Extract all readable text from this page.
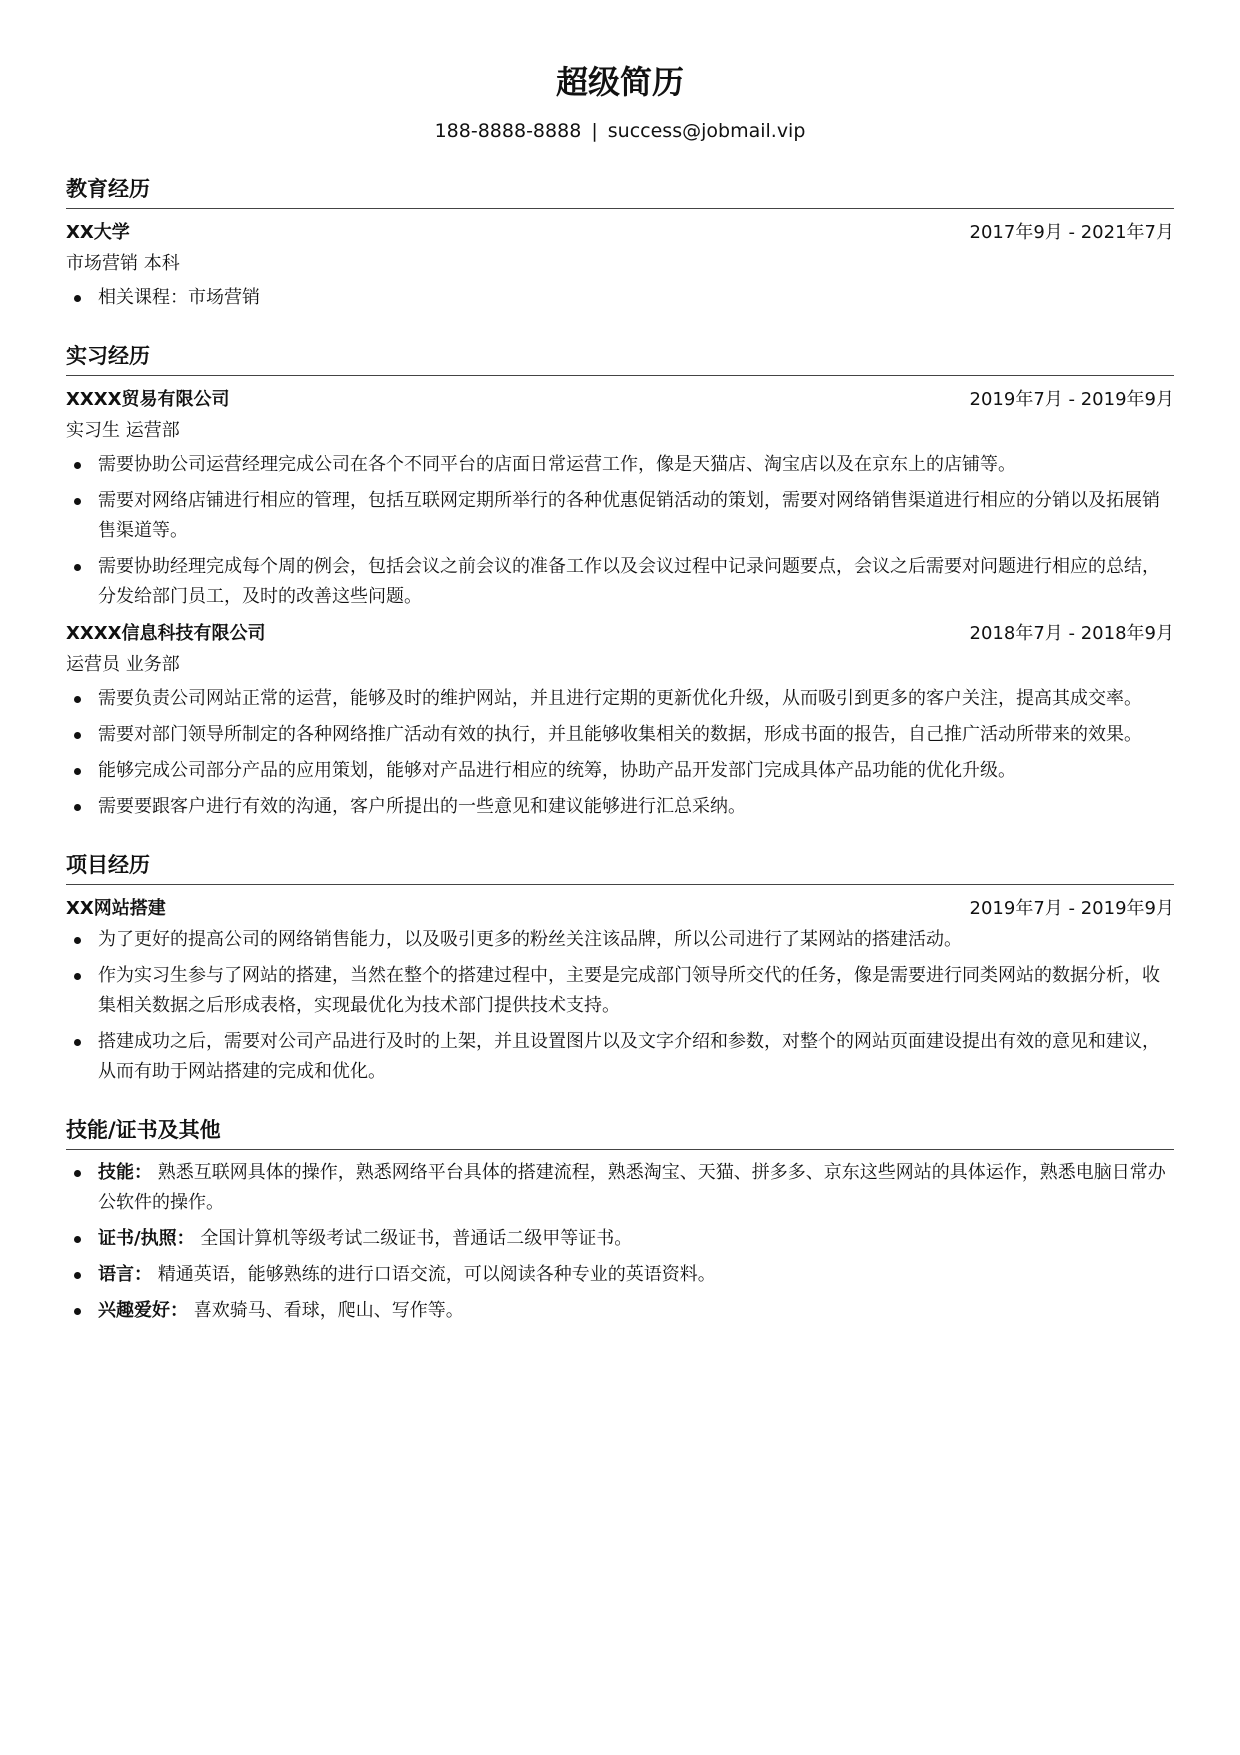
超级简历
188-8888-8888 | success@jobmail.vip
教育经历
XX大学	2017年9月 - 2021年7月
市场营销 本科
相关课程：市场营销
实习经历
XXXX贸易有限公司	2019年7月 - 2019年9月
实习生 运营部
需要协助公司运营经理完成公司在各个不同平台的店面日常运营工作，像是天猫店、淘宝店以及在京东上的店铺等。
需要对网络店铺进行相应的管理，包括互联网定期所举行的各种优惠促销活动的策划，需要对网络销售渠道进行相应的分销以及拓展销售渠道等。
需要协助经理完成每个周的例会，包括会议之前会议的准备工作以及会议过程中记录问题要点，会议之后需要对问题进行相应的总结，分发给部门员工，及时的改善这些问题。
XXXX信息科技有限公司	2018年7月 - 2018年9月
运营员 业务部
需要负责公司网站正常的运营，能够及时的维护网站，并且进行定期的更新优化升级，从而吸引到更多的客户关注，提高其成交率。
需要对部门领导所制定的各种网络推广活动有效的执行，并且能够收集相关的数据，形成书面的报告，自己推广活动所带来的效果。
能够完成公司部分产品的应用策划，能够对产品进行相应的统筹，协助产品开发部门完成具体产品功能的优化升级。
需要要跟客户进行有效的沟通，客户所提出的一些意见和建议能够进行汇总采纳。
项目经历
XX网站搭建	2019年7月 - 2019年9月
为了更好的提高公司的网络销售能力，以及吸引更多的粉丝关注该品牌，所以公司进行了某网站的搭建活动。
作为实习生参与了网站的搭建，当然在整个的搭建过程中，主要是完成部门领导所交代的任务，像是需要进行同类网站的数据分析，收集相关数据之后形成表格，实现最优化为技术部门提供技术支持。
搭建成功之后，需要对公司产品进行及时的上架，并且设置图片以及文字介绍和参数，对整个的网站页面建设提出有效的意见和建议，从而有助于网站搭建的完成和优化。
技能/证书及其他
技能： 熟悉互联网具体的操作，熟悉网络平台具体的搭建流程，熟悉淘宝、天猫、拼多多、京东这些网站的具体运作，熟悉电脑日常办公软件的操作。
证书/执照： 全国计算机等级考试二级证书，普通话二级甲等证书。
语言： 精通英语，能够熟练的进行口语交流，可以阅读各种专业的英语资料。
兴趣爱好： 喜欢骑马、看球，爬山、写作等。
